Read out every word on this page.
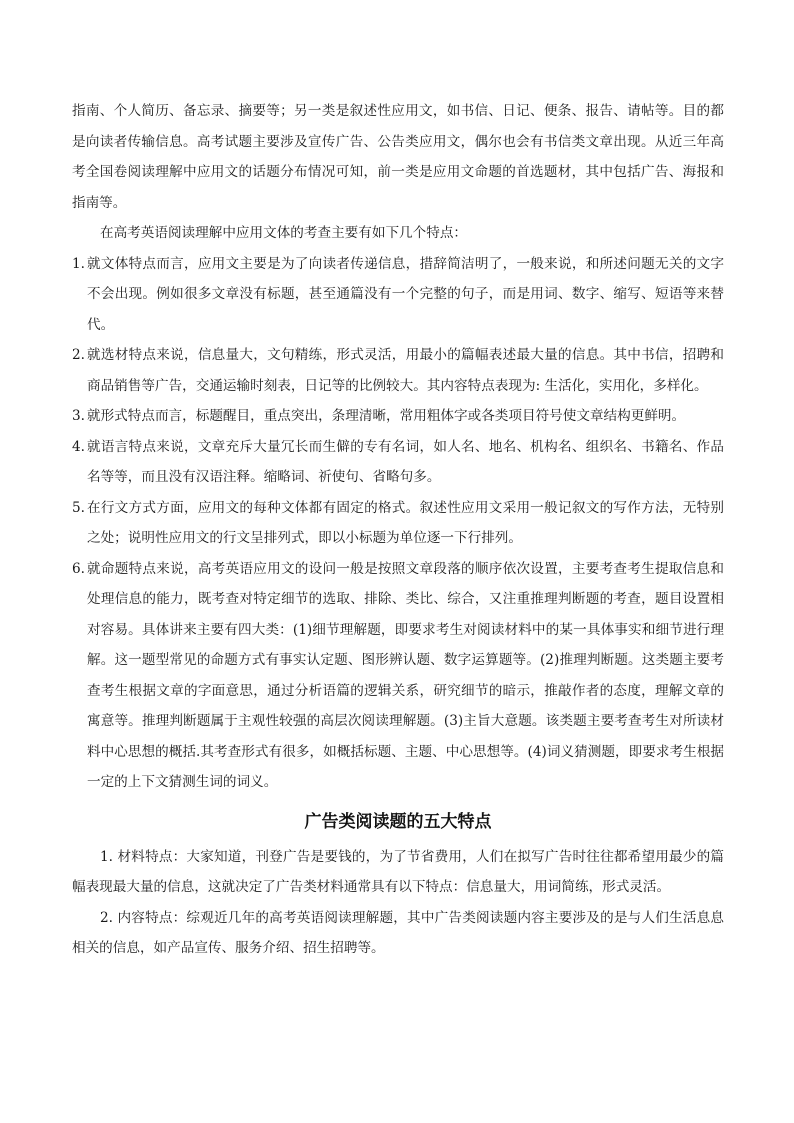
指南、个人简历、备忘录、摘要等；另一类是叙述性应用文，如书信、日记、便条、报告、请帖等。目的都是向读者传输信息。高考试题主要涉及宣传广告、公告类应用文，偶尔也会有书信类文章出现。从近三年高考全国卷阅读理解中应用文的话题分布情况可知，前一类是应用文命题的首选题材，其中包括广告、海报和指南等。

在高考英语阅读理解中应用文体的考查主要有如下几个特点：

1. 就文体特点而言，应用文主要是为了向读者传递信息，措辞简洁明了，一般来说，和所述问题无关的文字不会出现。例如很多文章没有标题，甚至通篇没有一个完整的句子，而是用词、数字、缩写、短语等来替代。
2. 就选材特点来说，信息量大，文句精练，形式灵活，用最小的篇幅表述最大量的信息。其中书信，招聘和商品销售等广告，交通运输时刻表，日记等的比例较大。其内容特点表现为: 生活化，实用化，多样化。
3. 就形式特点而言，标题醒目，重点突出，条理清晰，常用粗体字或各类项目符号使文章结构更鲜明。
4. 就语言特点来说，文章充斥大量冗长而生僻的专有名词，如人名、地名、机构名、组织名、书籍名、作品名等等，而且没有汉语注释。缩略词、祈使句、省略句多。
5. 在行文方式方面，应用文的每种文体都有固定的格式。叙述性应用文采用一般记叙文的写作方法，无特别之处；说明性应用文的行文呈排列式，即以小标题为单位逐一下行排列。
6. 就命题特点来说，高考英语应用文的设问一般是按照文章段落的顺序依次设置，主要考查考生提取信息和处理信息的能力，既考查对特定细节的选取、排除、类比、综合，又注重推理判断题的考查，题目设置相对容易。具体讲来主要有四大类：(1)细节理解题，即要求考生对阅读材料中的某一具体事实和细节进行理解。这一题型常见的命题方式有事实认定题、图形辨认题、数字运算题等。(2)推理判断题。这类题主要考查考生根据文章的字面意思，通过分析语篇的逻辑关系，研究细节的暗示，推敲作者的态度，理解文章的寓意等。推理判断题属于主观性较强的高层次阅读理解题。(3)主旨大意题。该类题主要考查考生对所读材料中心思想的概括.其考查形式有很多，如概括标题、主题、中心思想等。(4)词义猜测题，即要求考生根据一定的上下文猜测生词的词义。
广告类阅读题的五大特点

1. 材料特点：大家知道，刊登广告是要钱的，为了节省费用，人们在拟写广告时往往都希望用最少的篇幅表现最大量的信息，这就决定了广告类材料通常具有以下特点：信息量大，用词简练，形式灵活。

2. 内容特点：综观近几年的高考英语阅读理解题，其中广告类阅读题内容主要涉及的是与人们生活息息相关的信息，如产品宣传、服务介绍、招生招聘等。
